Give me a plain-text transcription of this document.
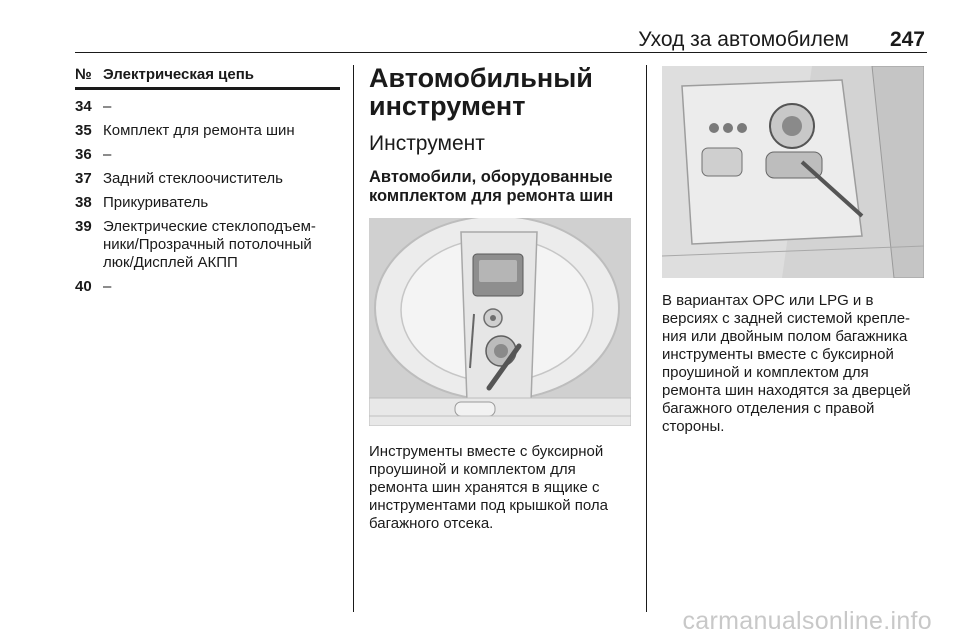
Уход за автомобилем 247
№ Электрическая цепь
34 –
35 Комплект для ремонта шин
36 –
37 Задний стеклоочиститель
38 Прикуриватель
39 Электрические стеклоподъем-ники/Прозрачный потолочный люк/Дисплей АКПП
40 –
Автомобильный инструмент
Инструмент
Автомобили, оборудованные комплектом для ремонта шин

Инструменты вместе с буксирной проушиной и комплектом для ремонта шин хранятся в ящике с инструментами под крышкой пола багажного отсека.

В вариантах OPC или LPG и в версиях с задней системой крепле-ния или двойным полом багажника инструменты вместе с буксирной проушиной и комплектом для ремонта шин находятся за дверцей багажного отделения с правой стороны.

carmanualsonline.info
